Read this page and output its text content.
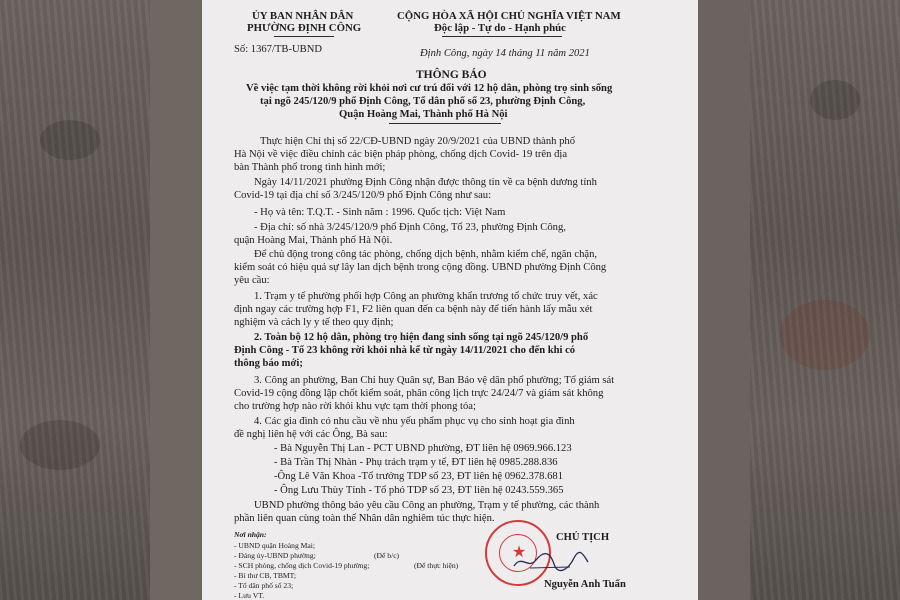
ỦY BAN NHÂN DÂN
PHƯỜNG ĐỊNH CÔNG
Số: 1367/TB-UBND
CỘNG HÒA XÃ HỘI CHỦ NGHĨA VIỆT NAM
Độc lập - Tự do - Hạnh phúc
Định Công, ngày 14 tháng 11 năm 2021
THÔNG BÁO
Về việc tạm thời không rời khỏi nơi cư trú đối với 12 hộ dân, phòng trọ sinh sống
tại ngõ 245/120/9 phố Định Công, Tổ dân phố số 23, phường Định Công,
Quận Hoàng Mai, Thành phố Hà Nội
Thực hiện Chỉ thị số 22/CĐ-UBND ngày 20/9/2021 của UBND thành phố
Hà Nội về việc điều chỉnh các biện pháp phòng, chống dịch Covid- 19 trên địa
bàn Thành phố trong tình hình mới;
Ngày 14/11/2021 phường Định Công nhận được thông tin về ca bệnh dương tính
Covid-19 tại địa chỉ số 3/245/120/9 phố Định Công như sau:
- Họ và tên: T.Q.T. - Sinh năm : 1996. Quốc tịch: Việt Nam
- Địa chỉ: số nhà 3/245/120/9 phố Định Công, Tổ 23, phường Định Công,
quận Hoàng Mai, Thành phố Hà Nội.
Để chủ động trong công tác phòng, chống dịch bệnh, nhằm kiểm chế, ngăn chặn,
kiểm soát có hiệu quả sự lây lan dịch bệnh trong cộng đồng. UBND phường Định Công
yêu cầu:
1. Trạm y tế phường phối hợp Công an phường khẩn trương tổ chức truy vết, xác
định ngay các trường hợp F1, F2 liên quan đến ca bệnh này để tiến hành lấy mẫu xét
nghiệm và cách ly y tế theo quy định;
2. Toàn bộ 12 hộ dân, phòng trọ hiện đang sinh sống tại ngõ 245/120/9 phố
Định Công - Tổ 23 không rời khỏi nhà kể từ ngày 14/11/2021 cho đến khi có
thông báo mới;
3. Công an phường, Ban Chỉ huy Quân sự, Ban Bảo vệ dân phố phường; Tổ giám sát
Covid-19 cộng đồng lập chốt kiểm soát, phân công lịch trực 24/24/7 và giám sát không
cho trường hợp nào rời khỏi khu vực tạm thời phong tỏa;
4. Các gia đình có nhu cầu về nhu yếu phẩm phục vụ cho sinh hoạt gia đình
đề nghị liên hệ với các Ông, Bà sau:
- Bà Nguyễn Thị Lan - PCT UBND phường, ĐT liên hệ 0969.966.123
- Bà Trần Thị Nhàn - Phụ trách trạm y tế, ĐT liên hệ 0985.288.836
-Ông Lê Văn Khoa -Tổ trưởng TDP số 23, ĐT liên hệ 0962.378.681
- Ông Lưu Thùy Tỉnh - Tổ phó TDP số 23, ĐT liên hệ 0243.559.365
UBND phường thông báo yêu cầu Công an phường, Trạm y tế phường, các thành
phần liên quan cùng toàn thể Nhân dân nghiêm túc thực hiện.
Nơi nhận:
- UBND quận Hoàng Mai;
- Đảng ủy-UBND phường;	(Để b/c)
- SCH phòng, chống dịch Covid-19 phường;	(Để thực hiện)
- Bí thư CB, TBMT;
- Tổ dân phố số 23;
- Lưu VT.
CHỦ TỊCH
★
Nguyễn Anh Tuấn
